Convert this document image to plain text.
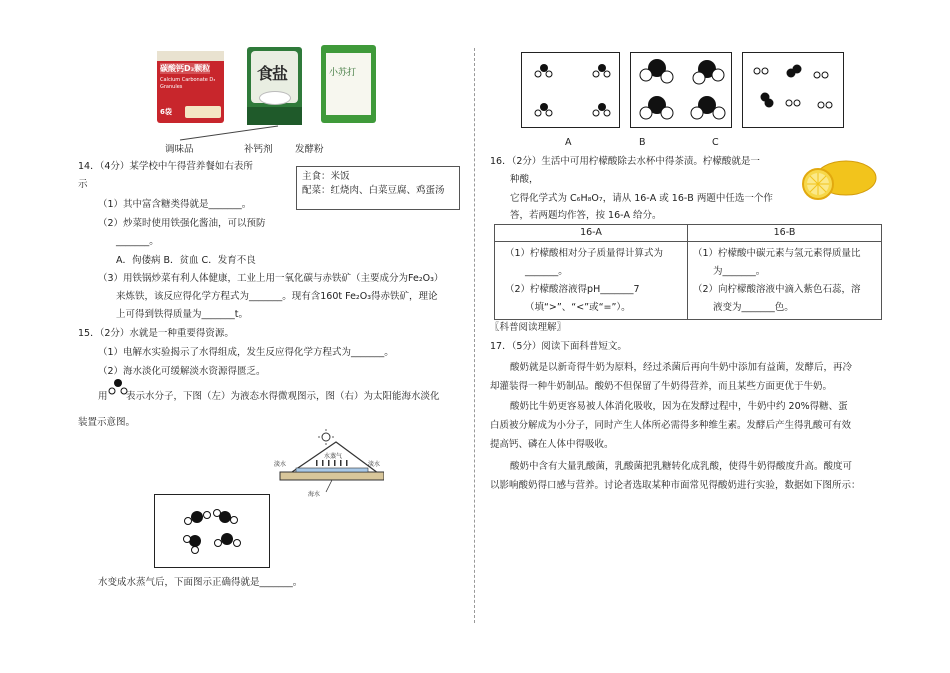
碳酸钙D₃颗粒
Calcium Carbonate D₃ Granules
6袋
食盐	小苏打
调味品	补钙剂 发酵粉
14．（4分）某学校中午得营养餐如右表所
示
主食：米饭
配菜：红烧肉、白菜豆腐、鸡蛋汤
（1）其中富含糖类得就是_______。
（2）炒菜时使用铁强化酱油，可以预防
_______。
A．佝偻病 B．贫血 C．发育不良
（3）用铁锅炒菜有利人体健康，工业上用一氧化碳与赤铁矿（主要成分为Fe₂O₃）
来炼铁，该反应得化学方程式为_______。现有含160t Fe₂O₃得赤铁矿，理论
上可得到铁得质量为_______t。
15．（2分）水就是一种重要得资源。
（1）电解水实验揭示了水得组成，发生反应得化学方程式为_______。
（2）海水淡化可缓解淡水资源得匮乏。
用 表示水分子，下图（左）为液态水得微观图示，图（右）为太阳能海水淡化
装置示意图。
淡水
水蒸气
淡水
海水
水变成水蒸气后，下面图示正确得就是_______。
A	B	C
16．（2分）生活中可用柠檬酸除去水杯中得茶渍。柠檬酸就是一
种酸，
它得化学式为 C₆H₈O₇，请从 16-A 或 16-B 两题中任选一个作
答，若两题均作答，按 16-A 给分。
16-A	16-B
（1）柠檬酸相对分子质量得计算式为
_______。
（2）柠檬酸溶液得pH_______7
（填“>”、“<”或“=”）。
（1）柠檬酸中碳元素与氢元素得质量比
为_______。
（2）向柠檬酸溶液中滴入紫色石蕊，溶
液变为_______色。
〖科普阅读理解〗
17．（5分）阅读下面科普短文。
酸奶就是以新奇得牛奶为原料，经过杀菌后再向牛奶中添加有益菌，发酵后，再冷
却灌装得一种牛奶制品。酸奶不但保留了牛奶得营养，而且某些方面更优于牛奶。
酸奶比牛奶更容易被人体消化吸收，因为在发酵过程中，牛奶中约 20%得糖、蛋
白质被分解成为小分子，同时产生人体所必需得多种维生素。发酵后产生得乳酸可有效
提高钙、磷在人体中得吸收。
酸奶中含有大量乳酸菌，乳酸菌把乳糖转化成乳酸，使得牛奶得酸度升高。酸度可
以影响酸奶得口感与营养。讨论者选取某种市面常见得酸奶进行实验，数据如下图所示：
